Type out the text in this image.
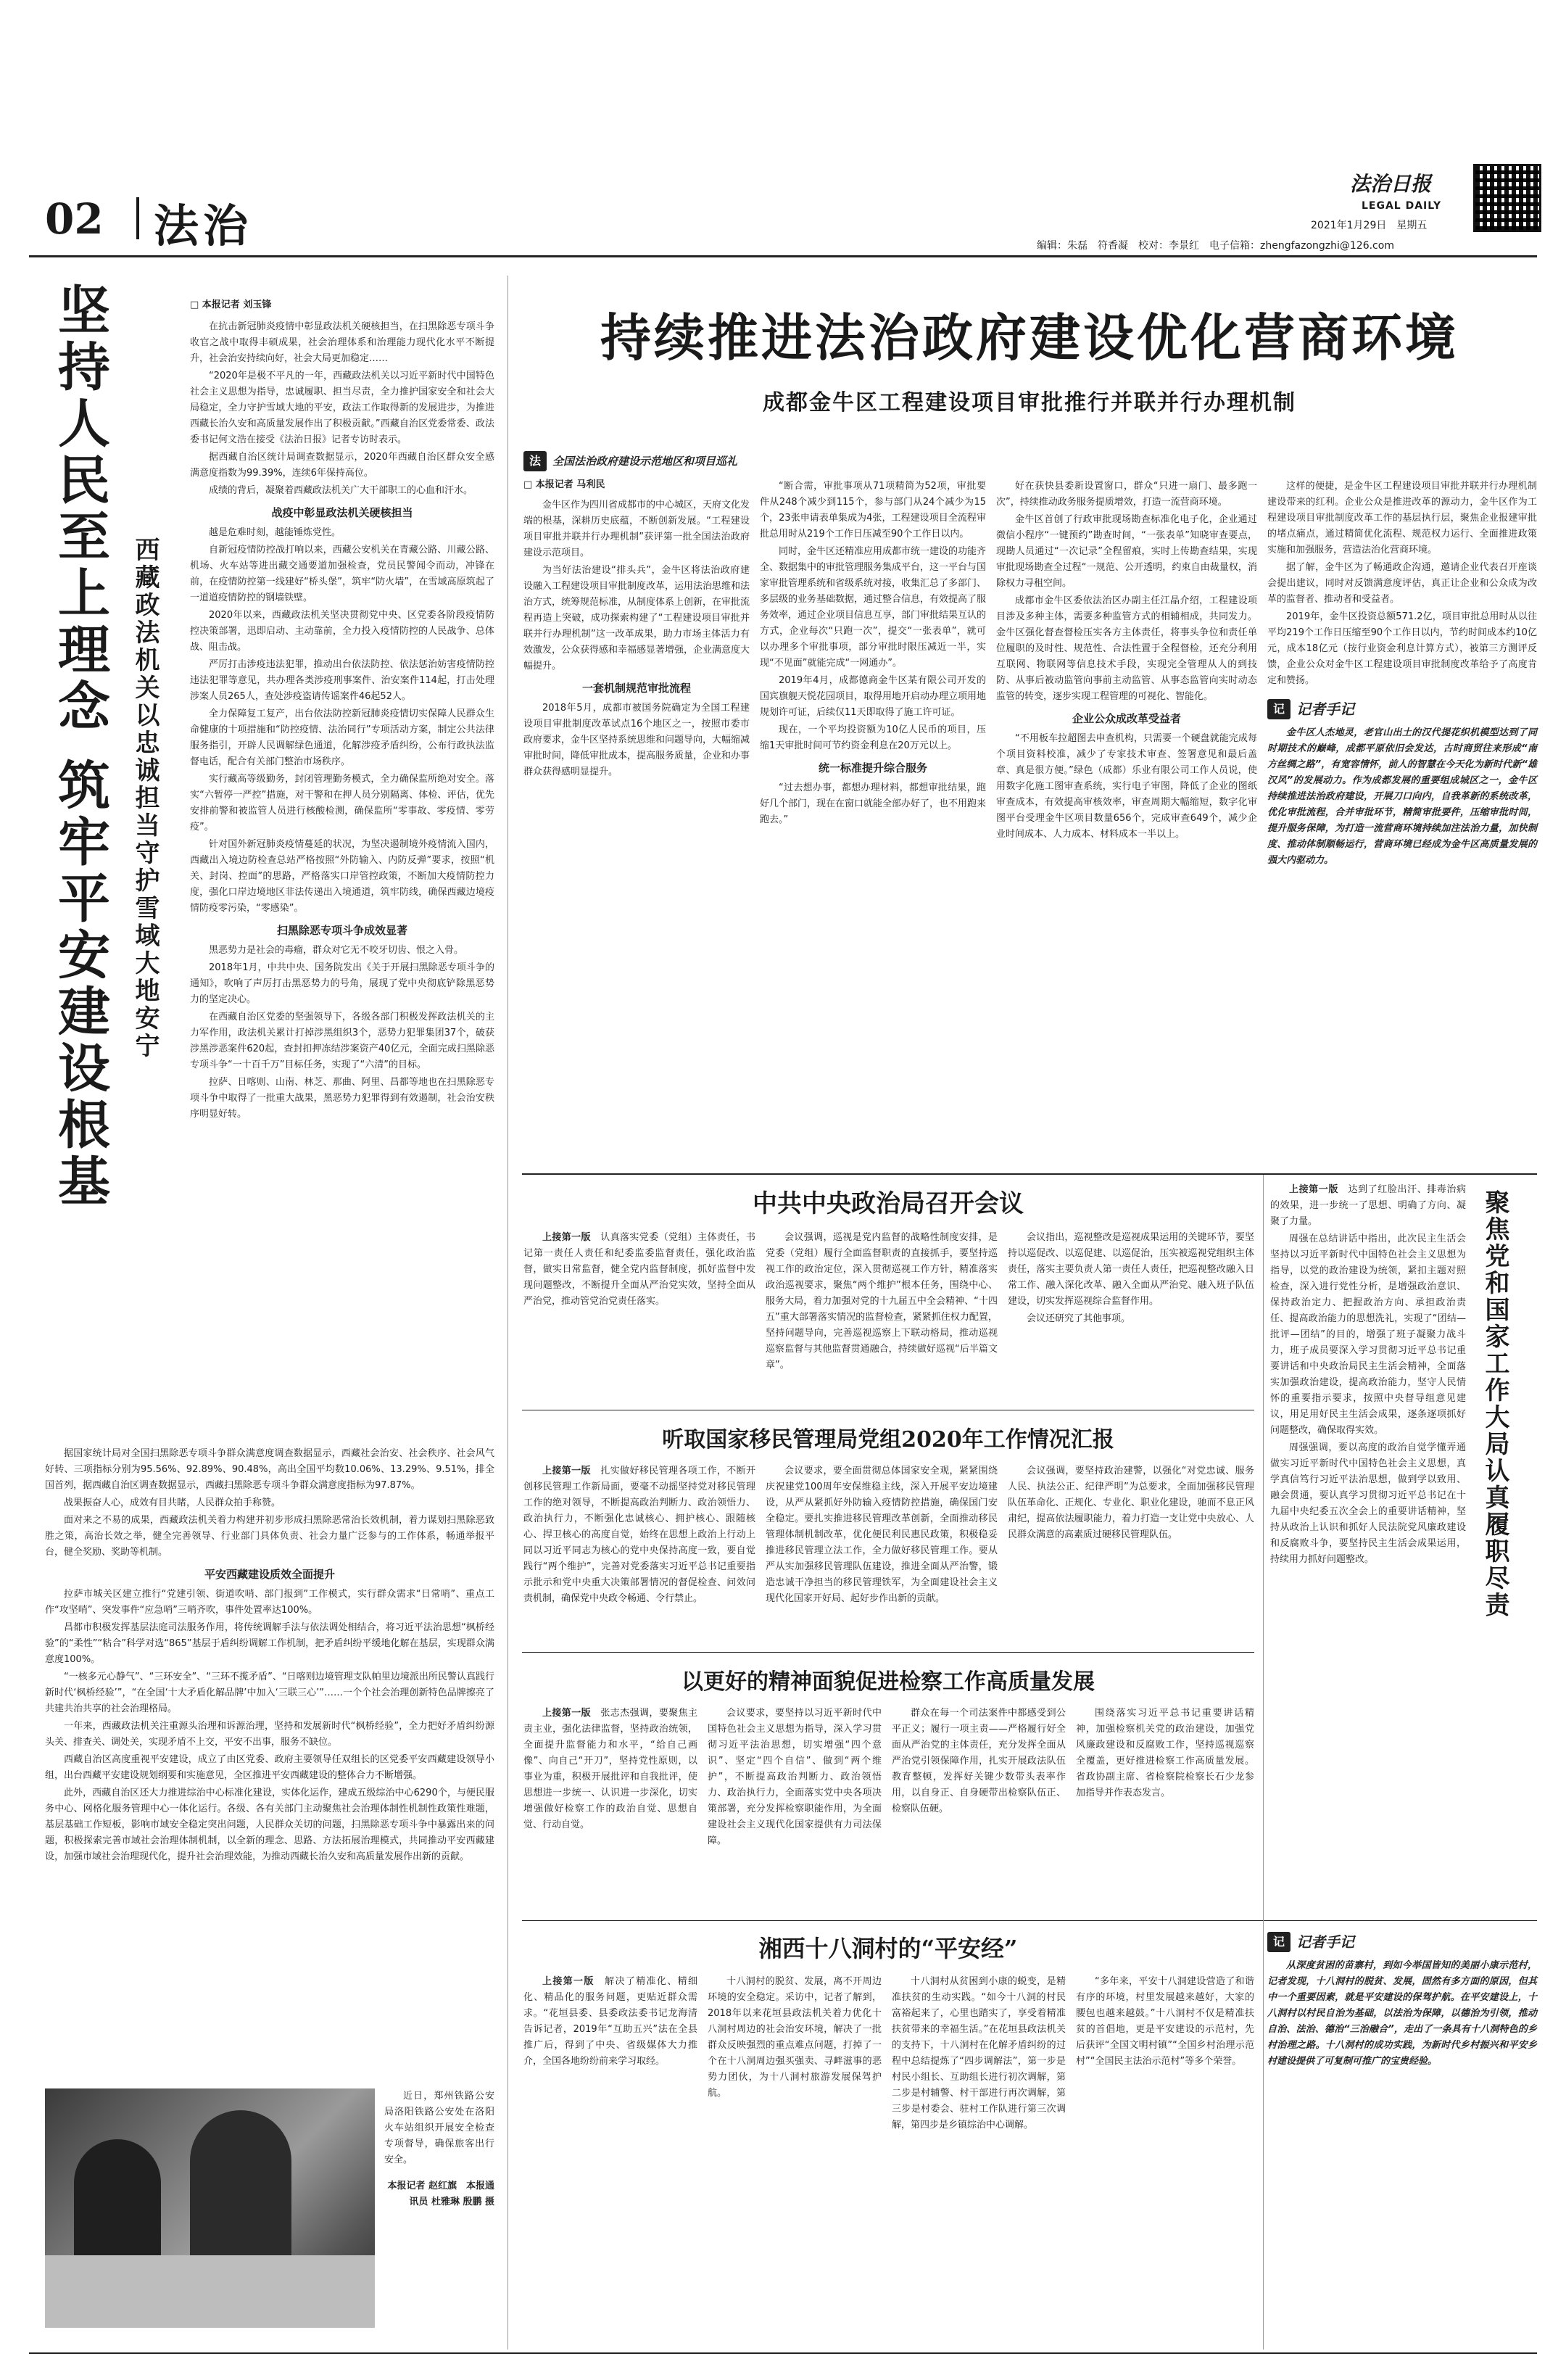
02 法治
法治日报
LEGAL DAILY
2021年1月29日　 星期五
编辑：朱磊　符香凝　校对：李景红　电子信箱：zhengfazongzhi@126.com
坚持人民至上理念 筑牢平安建设根基 西藏政法机关以忠诚担当守护雪域大地安宁
□ 本报记者 刘玉锋

在抗击新冠肺炎疫情中彰显政法机关硬核担当，在扫黑除恶专项斗争收官之战中取得丰硕成果，社会治理体系和治理能力现代化水平不断提升，社会治安持续向好，社会大局更加稳定……

“2020年是极不平凡的一年，西藏政法机关以习近平新时代中国特色社会主义思想为指导，忠诚履职、担当尽责，全力推护国家安全和社会大局稳定，全力守护雪域大地的平安，政法工作取得新的发展进步，为推进西藏长治久安和高质量发展作出了积极贡献。”西藏自治区党委常委、政法委书记何文浩在接受《法治日报》记者专访时表示。

据西藏自治区统计局调查数据显示，2020年西藏自治区群众安全感满意度指数为99.39%，连续6年保持高位。

成绩的背后，凝聚着西藏政法机关广大干部职工的心血和汗水。

战疫中彰显政法机关硬核担当

越是危难时刻，越能锤炼党性。

自新冠疫情防控战打响以来，西藏公安机关在青藏公路、川藏公路、机场、火车站等进出藏交通要道加强检查，党员民警闻令而动，冲锋在前，在疫情防控第一线建好“桥头堡”，筑牢“防火墙”，在雪域高原筑起了一道道疫情防控的钢墙铁壁。

2020年以来，西藏政法机关坚决贯彻党中央、区党委各阶段疫情防控决策部署，迅即启动、主动靠前，全力投入疫情防控的人民战争、总体战、阻击战。

严厉打击涉疫违法犯罪，推动出台依法防控、依法惩治妨害疫情防控违法犯罪等意见，共办理各类涉疫刑事案件、治安案件114起，打击处理涉案人员265人，查处涉疫盗请传谣案件46起52人。

全力保障复工复产，出台依法防控新冠肺炎疫情切实保障人民群众生命健康的十项措施和“防控疫情、法治同行”专项活动方案，制定公共法律服务指引，开辟人民调解绿色通道，化解涉疫矛盾纠纷，公布行政执法监督电话，配合有关部门整治市场秩序。

实行藏高等级勤务，封闭管理勤务模式，全力确保监所绝对安全。落实“六暂停一严控”措施，对干警和在押人员分别隔离、体检、评估，优先安排前警和被监管人员进行核酸检测，确保监所“零事故、零疫情、零劳疫”。

针对国外新冠肺炎疫情蔓延的状况，为坚决遏制境外疫情流入国内，西藏出入境边防检查总站严格按照“外防输入、内防反弹”要求，按照“机关、封岗、控面”的思路，严格落实口岸管控政策，不断加大疫情防控力度，强化口岸边境地区非法传递出入境通道，筑牢防线，确保西藏边境疫情防疫零污染，“零感染”。

扫黑除恶专项斗争成效显著

黑恶势力是社会的毒瘤，群众对它无不咬牙切齿、恨之入骨。

2018年1月，中共中央、国务院发出《关于开展扫黑除恶专项斗争的通知》，吹响了声厉打击黑恶势力的号角，展现了党中央彻底铲除黑恶势力的坚定决心。

在西藏自治区党委的坚强领导下，各级各部门积极发挥政法机关的主力军作用，政法机关累计打掉涉黑组织3个，恶势力犯罪集团37个，破获涉黑涉恶案件620起，查封扣押冻结涉案资产40亿元，全面完成扫黑除恶专项斗争“一十百千万”目标任务，实现了“六清”的目标。

拉萨、日喀则、山南、林芝、那曲、阿里、昌都等地也在扫黑除恶专项斗争中取得了一批重大战果，黑恶势力犯罪得到有效遏制，社会治安秩序明显好转。

据国家统计局对全国扫黑除恶专项斗争群众满意度调查数据显示，西藏社会治安、社会秩序、社会风气好转、三项指标分别为95.56%、92.89%、90.48%，高出全国平均数10.06%、13.29%、9.51%，排全国首列，据西藏自治区调查数据显示，西藏扫黑除恶专项斗争群众满意度指标为97.87%。

战果振奋人心，成效有目共睹，人民群众拍手称赞。

面对来之不易的成果，西藏政法机关着力构建并初步形成扫黑除恶常治长效机制，着力谋划扫黑除恶致胜之策，高治长效之举，健全完善领导、行业部门具体负责、社会力量广泛参与的工作体系，畅通举报平台，健全奖励、奖助等机制。

平安西藏建设质效全面提升

拉萨市城关区建立推行“党建引领、街道吹哨、部门报到”工作模式，实行群众需求“日常哨”、重点工作“攻坚哨”、突发事件“应急哨”三哨齐吹，事件处置率达100%。

昌都市积极发挥基层法庭司法服务作用，将传统调解手法与依法调处相结合，将习近平法治思想“枫桥经验”的“柔性”“粘合”科学对选“865”基层于盾纠纷调解工作机制，把矛盾纠纷平缓地化解在基层，实现群众满意度100%。

“一核多元心静气”、“三环安全”、“三环不揽矛盾”、“日喀则边境管理支队帕里边境派出所民警认真践行新时代‘枫桥经验’”，“在全国‘十大矛盾化解品牌’中加入‘三联三心’”……一个个社会治理创新特色品牌擦亮了共建共治共享的社会治理格局。

一年来，西藏政法机关注重源头治理和诉源治理，坚持和发展新时代“枫桥经验”，全力把好矛盾纠纷源头关、排查关、调处关，实现矛盾不上交，平安不出事，服务不缺位。

西藏自治区高度重视平安建设，成立了由区党委、政府主要领导任双组长的区党委平安西藏建设领导小组，出台西藏平安建设规划纲要和实施意见，全区推进平安西藏建设的整体合力不断增强。

此外，西藏自治区还大力推进综治中心标准化建设，实体化运作，建成五级综治中心6290个，与便民服务中心、网格化服务管理中心一体化运行。各级、各有关部门主动聚焦社会治理体制性机制性政策性难题，基层基础工作短板，影响市域安全稳定突出问题，人民群众关切的问题，扫黑除恶专项斗争中暴露出来的问题，积极探索完善市域社会治理体制机制，以全新的理念、思路、方法拓展治理模式，共同推动平安西藏建设，加强市域社会治理现代化，提升社会治理效能，为推动西藏长治久安和高质量发展作出新的贡献。

近日，郑州铁路公安局洛阳铁路公安处在洛阳火车站组织开展安全检查专项督导，确保旅客出行安全。

本报记者 赵红旗　本报通讯员 杜雅琳 殷鹏 摄
持续推进法治政府建设优化营商环境
成都金牛区工程建设项目审批推行并联并行办理机制
法	全国法治政府建设示范地区和项目巡礼
□ 本报记者 马利民

金牛区作为四川省成都市的中心城区，天府文化发端的根基，深耕历史底蕴，不断创新发展。“工程建设项目审批并联并行办理机制”获评第一批全国法治政府建设示范项目。

为当好法治建设“排头兵”，金牛区将法治政府建设融入工程建设项目审批制度改革，运用法治思维和法治方式，统筹规范标准，从制度体系上创新，在审批流程再造上突破，成功探索构建了“工程建设项目审批并联并行办理机制”这一改革成果，助力市场主体活力有效激发，公众获得感和幸福感显著增强，企业满意度大幅提升。

一套机制规范审批流程

2018年5月，成都市被国务院确定为全国工程建设项目审批制度改革试点16个地区之一，按照市委市政府要求，金牛区坚持系统思维和问题导向，大幅缩减审批时间，降低审批成本，提高服务质量，企业和办事群众获得感明显提升。

“断合需，审批事项从71项精简为52项，审批要件从248个减少到115个，参与部门从24个减少为15个，23张申请表单集成为4张，工程建设项目全流程审批总用时从219个工作日压减至90个工作日以内。

同时，金牛区还精准应用成都市统一建设的功能齐全、数据集中的审批管理服务集成平台，这一平台与国家审批管理系统和省级系统对接，收集汇总了多部门、多层级的业务基础数据，通过整合信息，有效提高了服务效率，通过企业项目信息互享，部门审批结果互认的方式，企业每次“只跑一次”，提交“一张表单”，就可以办理多个审批事项，部分审批时限压减近一半，实现“不见面”就能完成“一网通办”。

2019年4月，成都德商金牛区某有限公司开发的国宾旗舰天悦花园项目，取得用地开启动办理立项用地规划许可证，后续仅11天即取得了施工许可证。

现在，一个平均投资额为10亿人民币的项目，压缩1天审批时间可节约资金利息在20万元以上。

统一标准提升综合服务

“过去想办事，都想办理材料，都想审批结果，跑好几个部门，现在在窗口就能全部办好了，也不用跑来跑去。”

好在获快县委新设置窗口，群众“只进一扇门、最多跑一次”，持续推动政务服务提质增效，打造一流营商环境。

金牛区首创了行政审批现场勘查标准化电子化，企业通过微信小程序“一键预约”勘查时间，“一张表单”知晓审查要点，现勘人员通过“一次记录”全程留痕，实时上传勘查结果，实现审批现场勘查全过程“一规范、公开透明，约束自由裁量权，消除权力寻租空间。

成都市金牛区委依法治区办副主任江晶介绍，工程建设项目涉及多种主体，需要多种监管方式的相辅相成，共同发力。金牛区强化督查督检压实各方主体责任，将事头争位和责任单位履职的及时性、规范性、合法性置于全程督检，还充分利用互联网、物联网等信息技术手段，实现完全管理从人的到技防、从事后被动监管向事前主动监管、从事态监管向实时动态监管的转变，逐步实现工程管理的可视化、智能化。

企业公众成改革受益者

“不用板车拉超图去申查机构，只需要一个硬盘就能完成每个项目资料校准，减少了专家技术审查、签署意见和最后盖章、真是很方便。”绿色（成都）乐业有限公司工作人员说，使用数字化施工图审查系统，实行电子审图，降低了企业的图纸审查成本，有效提高审核效率，审查周期大幅缩短，数字化审图平台受理金牛区项目数量656个，完成审查649个，减少企业时间成本、人力成本、材料成本一半以上。

这样的便捷，是金牛区工程建设项目审批并联并行办理机制建设带来的红利。企业公众是推进改革的源动力，金牛区作为工程建设项目审批制度改革工作的基层执行层，聚焦企业报建审批的堵点痛点，通过精简优化流程、规范权力运行、全面推进政策实施和加强服务，营造法治化营商环境。

据了解，金牛区为了畅通政企沟通，邀请企业代表召开座谈会提出建议，同时对反馈满意度评估，真正让企业和公众成为改革的监督者、推动者和受益者。

2019年，金牛区投资总额571.2亿，项目审批总用时从以往平均219个工作日压缩至90个工作日以内，节约时间成本约10亿元，成本18亿元（按行业资金利息计算方式），被第三方测评反馈，企业公众对金牛区工程建设项目审批制度改革给予了高度肯定和赞扬。

记 记者手记

金牛区人杰地灵，老官山出土的汉代提花织机模型达到了同时期技术的巅峰，成都平原依旧会发达，古时商贸往来形成“南方丝绸之路”，有宽容情怀，前人的智慧在今天化为新时代新“雄汉风”的发展动力。作为成都发展的重要组成城区之一，金牛区持续推进法治政府建设，开展刀口向内，自我革新的系统改革，优化审批流程，合并审批环节，精简审批要件，压缩审批时间，提升服务保障，为打造一流营商环境持续加注法治力量，加快制度、推动体制顺畅运行，营商环境已经成为金牛区高质量发展的强大内驱动力。

中共中央政治局召开会议

上接第一版　 认真落实党委（党组）主体责任，书记第一责任人责任和纪委监委监督责任，强化政治监督，做实日常监督，健全党内监督制度，抓好监督中发现问题整改，不断提升全面从严治党实效，坚持全面从严治党，推动管党治党责任落实。

会议强调，巡视是党内监督的战略性制度安排，是党委（党组）履行全面监督职责的直接抓手，要坚持巡视工作的政治定位，深入贯彻巡视工作方针，精准落实政治巡视要求，聚焦“两个维护”根本任务，围绕中心、服务大局，着力加强对党的十九届五中全会精神、“十四五”重大部署落实情况的监督检查，紧紧抓住权力配置，坚持问题导向，完善巡视巡察上下联动格局，推动巡视巡察监督与其他监督贯通融合，持续做好巡视“后半篇文章”。

会议指出，巡视整改是巡视成果运用的关键环节，要坚持以巡促改、以巡促建、以巡促治，压实被巡视党组织主体责任，落实主要负责人第一责任人责任，把巡视整改融入日常工作、融入深化改革、融入全面从严治党、融入班子队伍建设，切实发挥巡视综合监督作用。

会议还研究了其他事项。

听取国家移民管理局党组2020年工作情况汇报

上接第一版　 扎实做好移民管理各项工作，不断开创移民管理工作新局面，要毫不动摇坚持党对移民管理工作的绝对领导，不断提高政治判断力、政治领悟力、政治执行力，不断强化忠诚核心、拥护核心、跟随核心、捍卫核心的高度自觉，始终在思想上政治上行动上同以习近平同志为核心的党中央保持高度一致，要自觉践行“两个维护”，完善对党委落实习近平总书记重要指示批示和党中央重大决策部署情况的督促检查、问效问责机制，确保党中央政令畅通、令行禁止。

会议要求，要全面贯彻总体国家安全观，紧紧围绕庆祝建党100周年安保维稳主线，深入开展平安边境建设，从严从紧抓好外防输入疫情防控措施，确保国门安全稳定。要扎实推进移民管理改革创新，全面推动移民管理体制机制改革，优化便民利民惠民政策，积极稳妥推进移民管理立法工作，全力做好移民管理工作。要从严从实加强移民管理队伍建设，推进全面从严治警，锻造忠诚干净担当的移民管理铁军，为全面建设社会主义现代化国家开好局、起好步作出新的贡献。

会议强调，要坚持政治建警，以强化“对党忠诚、服务人民、执法公正、纪律严明”为总要求，全面加强移民管理队伍革命化、正规化、专业化、职业化建设，驰而不息正风肃纪，提高依法履职能力，着力打造一支让党中央放心、人民群众满意的高素质过硬移民管理队伍。

以更好的精神面貌促进检察工作高质量发展

上接第一版　 张志杰强调，要聚焦主责主业，强化法律监督，坚持政治统领，全面提升监督能力和水平，“给自己画像”、向自己“开刀”，坚持党性原则，以事业为重，积极开展批评和自我批评，使思想进一步统一、认识进一步深化，切实增强做好检察工作的政治自觉、思想自觉、行动自觉。

会议要求，要坚持以习近平新时代中国特色社会主义思想为指导，深入学习贯彻习近平法治思想，切实增强“四个意识”、坚定“四个自信”、做到“两个维护”，不断提高政治判断力、政治领悟力、政治执行力，全面落实党中央各项决策部署，充分发挥检察职能作用，为全面建设社会主义现代化国家提供有力司法保障。

群众在每一个司法案件中都感受到公平正义；履行一项主责——严格履行好全面从严治党的主体责任，充分发挥全面从严治党引领保障作用，扎实开展政法队伍教育整顿，发挥好关键少数带头表率作用，以自身正、自身硬带出检察队伍正、检察队伍硬。

围绕落实习近平总书记重要讲话精神，加强检察机关党的政治建设，加强党风廉政建设和反腐败工作，坚持巡视巡察全覆盖，更好推进检察工作高质量发展。省政协副主席、省检察院检察长石少龙参加指导并作表态发言。

湘西十八洞村的“平安经”

上接第一版　 解决了精准化、精细化、精品化的服务问题，更贴近群众需求。“花垣县委、县委政法委书记龙海清告诉记者，2019年“互助五兴”法在全县推广后，得到了中央、省级媒体大力推介，全国各地纷纷前来学习取经。

十八洞村的脱贫、发展，离不开周边环境的安全稳定。采访中，记者了解到，2018年以来花垣县政法机关着力优化十八洞村周边的社会治安环境，解决了一批群众反映强烈的重点难点问题，打掉了一个在十八洞周边强买强卖、寻衅滋事的恶势力团伙，为十八洞村旅游发展保驾护航。

十八洞村从贫困到小康的蜕变，是精准扶贫的生动实践。“如今十八洞的村民富裕起来了，心里也踏实了，享受着精准扶贫带来的幸福生活。”在花垣县政法机关的支持下，十八洞村在化解矛盾纠纷的过程中总结提炼了“四步调解法”，第一步是村民小组长、互助组长进行初次调解，第二步是村辅警、村干部进行再次调解，第三步是村委会、驻村工作队进行第三次调解，第四步是乡镇综治中心调解。

“多年来，平安十八洞建设营造了和谐有序的环境，村里发展越来越好，大家的腰包也越来越鼓。”十八洞村不仅是精准扶贫的首倡地，更是平安建设的示范村，先后获评“全国文明村镇”“全国乡村治理示范村”“全国民主法治示范村”等多个荣誉。

记 记者手记

从深度贫困的苗寨村，到如今举国皆知的美丽小康示范村，记者发现，十八洞村的脱贫、发展，固然有多方面的原因，但其中一个重要因素，就是平安建设的保驾护航。在平安建设上，十八洞村以村民自治为基础，以法治为保障，以德治为引领，推动自治、法治、德治“三治融合”，走出了一条具有十八洞特色的乡村治理之路。十八洞村的成功实践，为新时代乡村振兴和平安乡村建设提供了可复制可推广的宝贵经验。

上接第一版　 达到了红脸出汗、排毒治病的效果，进一步统一了思想、明确了方向、凝聚了力量。

周强在总结讲话中指出，此次民主生活会坚持以习近平新时代中国特色社会主义思想为指导，以党的政治建设为统领，紧扣主题对照检查，深入进行党性分析，是增强政治意识、保持政治定力、把握政治方向、承担政治责任、提高政治能力的思想洗礼，实现了“团结—批评—团结”的目的，增强了班子凝聚力战斗力，班子成员要深入学习贯彻习近平总书记重要讲话和中央政治局民主生活会精神，全面落实加强政治建设，提高政治能力，坚守人民情怀的重要指示要求，按照中央督导组意见建议，用足用好民主生活会成果，逐条逐项抓好问题整改，确保取得实效。

周强强调，要以高度的政治自觉学懂弄通做实习近平新时代中国特色社会主义思想，真学真信笃行习近平法治思想，做到学以致用、融会贯通，要认真学习贯彻习近平总书记在十九届中央纪委五次全会上的重要讲话精神，坚持从政治上认识和抓好人民法院党风廉政建设和反腐败斗争，要坚持民主生活会成果运用，持续用力抓好问题整改。	聚焦党和国家工作大局认真履职尽责
